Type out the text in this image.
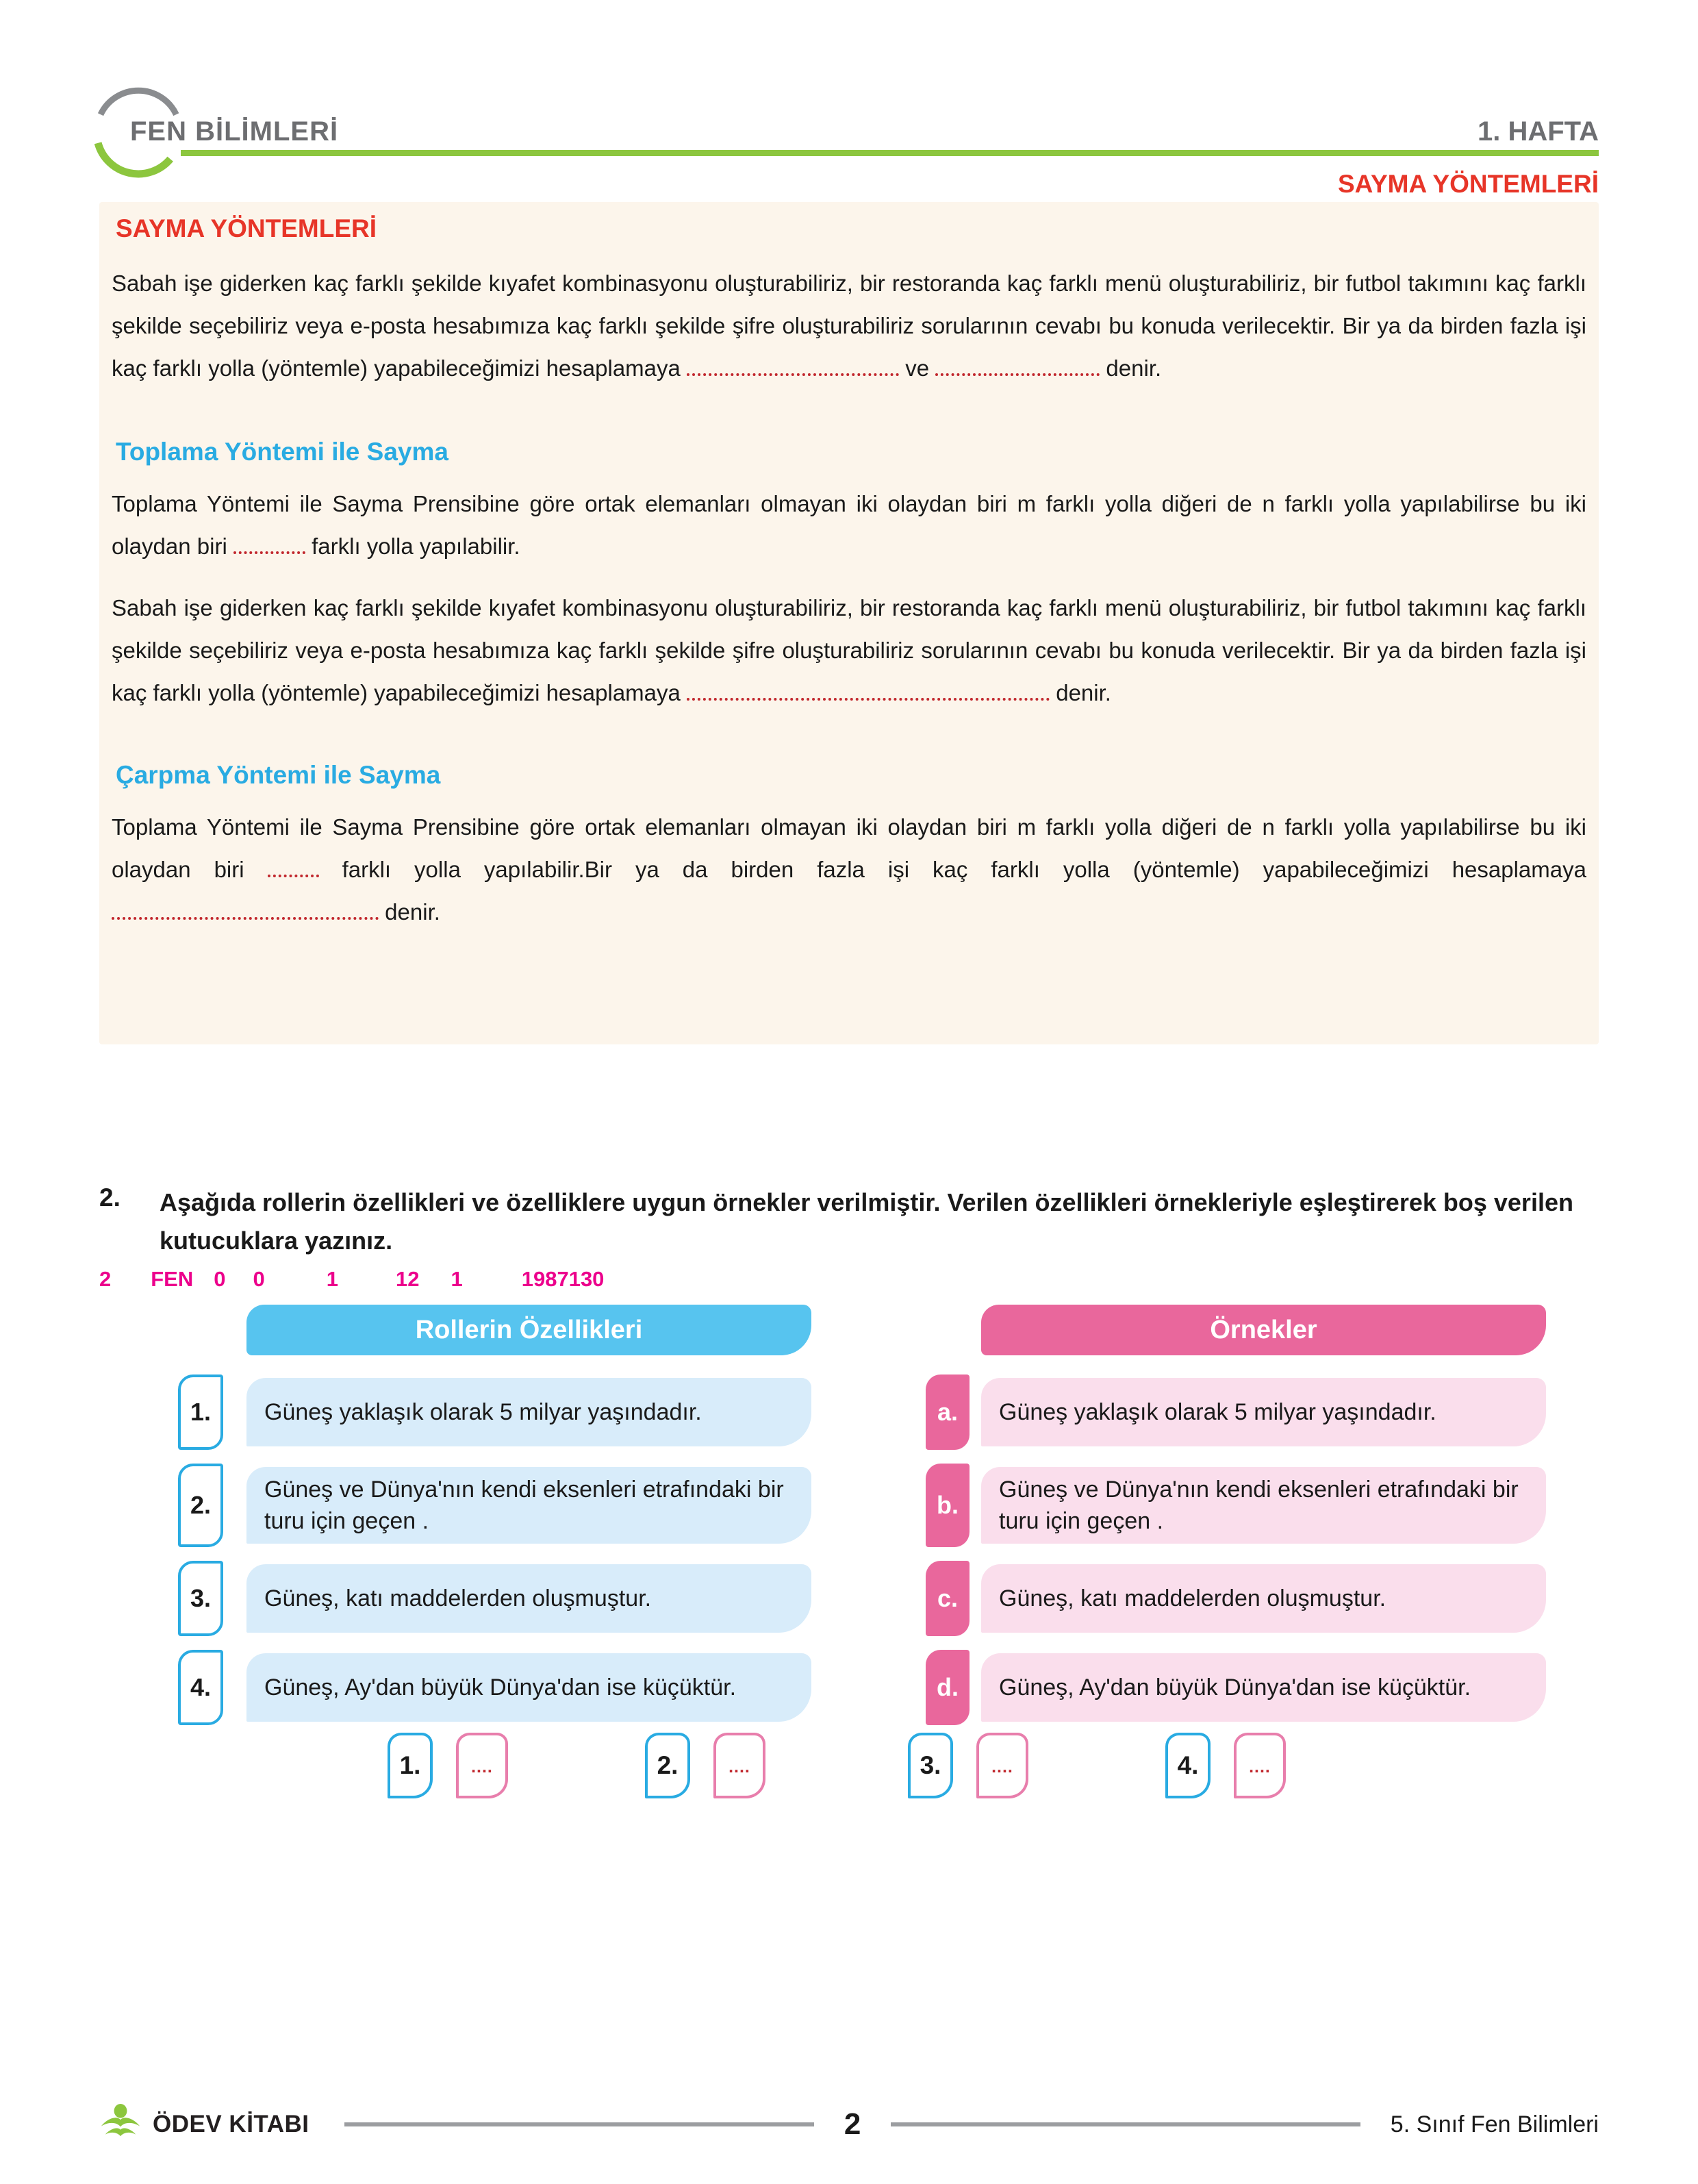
FEN BİLİMLERİ	1. HAFTA
SAYMA YÖNTEMLERİ
SAYMA YÖNTEMLERİ

Sabah işe giderken kaç farklı şekilde kıyafet kombinasyonu oluşturabiliriz, bir restoranda kaç farklı menü oluşturabiliriz, bir futbol takımını kaç farklı şekilde seçebiliriz veya e-posta hesabımıza kaç farklı şekilde şifre oluşturabiliriz sorularının cevabı bu konuda verilecektir. Bir ya da birden fazla işi kaç farklı yolla (yöntemle) yapabileceğimizi hesaplamaya	ve	denir.

Toplama Yöntemi ile Sayma

Toplama Yöntemi ile Sayma Prensibine göre ortak elemanları olmayan iki olaydan biri m farklı yolla diğeri de n farklı yolla yapılabilirse bu iki olaydan biri	farklı yolla yapılabilir.

Sabah işe giderken kaç farklı şekilde kıyafet kombinasyonu oluşturabiliriz, bir restoranda kaç farklı menü oluşturabiliriz, bir futbol takımını kaç farklı şekilde seçebiliriz veya e-posta hesabımıza kaç farklı şekilde şifre oluşturabiliriz sorularının cevabı bu konuda verilecektir. Bir ya da birden fazla işi kaç farklı yolla (yöntemle) yapabileceğimizi hesaplamaya	denir.

Çarpma Yöntemi ile Sayma

Toplama Yöntemi ile Sayma Prensibine göre ortak elemanları olmayan iki olaydan biri m farklı yolla diğeri de n farklı yolla yapılabilirse bu iki olaydan biri	farklı yolla yapılabilir.Bir ya da birden fazla işi kaç farklı yolla (yöntemle) yapabileceğimizi hesaplamaya  denir.

2.	Aşağıda rollerin özellikleri ve özelliklere uygun örnekler verilmiştir. Verilen özellikleri örnekleriyle eşleştirerek boş verilen kutucuklara yazınız.

2 FEN 0 0	1	12 1	1987130
Rollerin Özellikleri	Örnekler
1.	Güneş yaklaşık olarak 5 milyar yaşındadır.
2.
Güneş ve Dünya'nın kendi eksenleri etrafındaki bir turu için geçen .
3.	Güneş, katı maddelerden oluşmuştur.
4.	Güneş, Ay'dan büyük Dünya'dan ise küçüktür.
a.	Güneş yaklaşık olarak 5 milyar yaşındadır.
b.
Güneş ve Dünya'nın kendi eksenleri etrafındaki bir turu için geçen .
c.	Güneş, katı maddelerden oluşmuştur.
d.	Güneş, Ay'dan büyük Dünya'dan ise küçüktür.
1.	....	2.	....	3.	....	4.	....
ÖDEV KİTABI	2	5. Sınıf Fen Bilimleri
